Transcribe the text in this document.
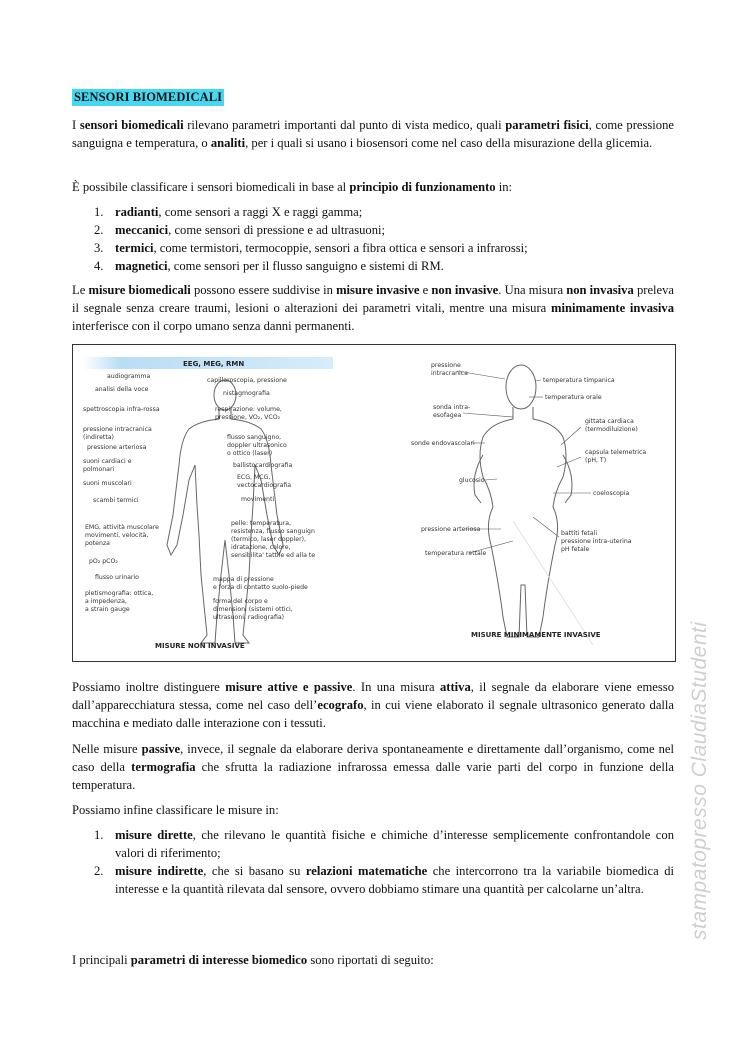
SENSORI BIOMEDICALI

I sensori biomedicali rilevano parametri importanti dal punto di vista medico, quali parametri fisici, come pressione sanguigna e temperatura, o analiti, per i quali si usano i biosensori come nel caso della misurazione della glicemia.

È possibile classificare i sensori biomedicali in base al principio di funzionamento in:

1. radianti, come sensori a raggi X e raggi gamma;
2. meccanici, come sensori di pressione e ad ultrasuoni;
3. termici, come termistori, termocoppie, sensori a fibra ottica e sensori a infrarossi;
4. magnetici, come sensori per il flusso sanguigno e sistemi di RM.

Le misure biomedicali possono essere suddivise in misure invasive e non invasive. Una misura non invasiva preleva il segnale senza creare traumi, lesioni o alterazioni dei parametri vitali, mentre una misura minimamente invasiva interferisce con il corpo umano senza danni permanenti.

EEG, MEG, RMN
audiogramma
analisi della voce
spettroscopia infra-rossa
pressione intracranica
(indiretta)
pressione arteriosa
suoni cardiaci e
polmonari
suoni muscolari
scambi termici
EMG, attività muscolare
movimenti, velocità,
potenza
pO₂ pCO₂
flusso urinario
pletismografia: ottica,
a impedenza,
a strain gauge
capillaroscopia, pressione
nistagmografia
respirazione: volume,
pressione, VO₂, VCO₂
flusso sanguigno,
doppler ultrasonico
o ottico (laser)
ballistocardiografia
ECG, MCG,
vectocardiografia
movimenti
pelle: temperatura,
resistenza, flusso sanguign
(termico, laser doppler),
idratazione, colore,
sensibilita' tattile ed alla te
mappa di pressione
e forza di contatto suolo-piede
forma del corpo e
dimensioni (sistemi ottici,
ultrasuoni, radiografia)
MISURE NON INVASIVE
pressione
intracranica
sonda intra-
esofagea
sonde endovascolari
glucosio
pressione arteriosa
temperatura rettale
temperatura timpanica
temperatura orale
gittata cardiaca
(termodiluizione)
capsula telemetrica
(pH, T)
coeloscopia
battiti fetali
pressione intra-uterina
pH fetale
MISURE MINIMAMENTE INVASIVE

Possiamo inoltre distinguere misure attive e passive. In una misura attiva, il segnale da elaborare viene emesso dall’apparecchiatura stessa, come nel caso dell’ecografo, in cui viene elaborato il segnale ultrasonico generato dalla macchina e mediato dalle interazione con i tessuti.

Nelle misure passive, invece, il segnale da elaborare deriva spontaneamente e direttamente dall’organismo, come nel caso della termografia che sfrutta la radiazione infrarossa emessa dalle varie parti del corpo in funzione della temperatura.

Possiamo infine classificare le misure in:

1. misure dirette, che rilevano le quantità fisiche e chimiche d’interesse semplicemente confrontandole con valori di riferimento;
2. misure indirette, che si basano su relazioni matematiche che intercorrono tra la variabile biomedica di interesse e la quantità rilevata dal sensore, ovvero dobbiamo stimare una quantità per calcolarne un’altra.

I principali parametri di interesse biomedico sono riportati di seguito:

stampatopresso ClaudiaStudenti
